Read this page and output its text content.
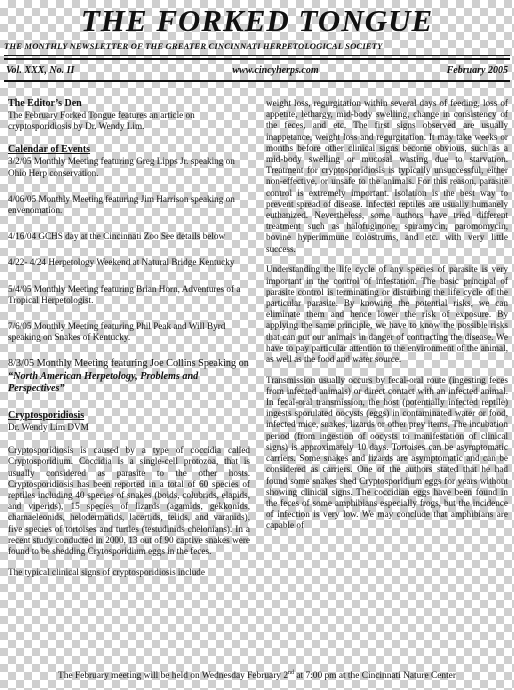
THE FORKED TONGUE
THE MONTHLY NEWSLETTER OF THE GREATER CINCINNATI HERPETOLOGICAL SOCIETY
Vol. XXX, No. II	www.cincyherps.com	February 2005
The Editor’s Den

The February Forked Tongue features an article on cryptosporidiosis by Dr. Wendy Lim.

Calendar of Events
3/2/05 Monthly Meeting featuring Greg Lipps Jr. speaking on Ohio Herp conservation.
4/06/05 Monthly Meeting featuring Jim Harrison speaking on envenomation.
4/16/04 GCHS day at the Cincinnati Zoo See details below
4/22- 4/24 Herpetology Weekend at Natural Bridge Kentucky
5/4/05 Monthly Meeting featuring Brian Horn, Adventures of a Tropical Herpetologist.
7/6/05 Monthly Meeting featuring Phil Peak and Will Byrd speaking on Snakes of Kentucky.
8/3/05 Monthly Meeting featuring Joe Collins Speaking on “North American Herpetology, Problems and Perspectives”
Cryptosporidiosis

Dr. Wendy Lim DVM

Cryptosporidiosis is caused by a type of coccidia called Cryptosporidium. Coccidia is a single-cell protozoa, that is usually considered as parasite to the other hosts. Cryptosporidiosis has been reported in a total of 60 species of reptiles including 40 species of snakes (boids, colubrids, elapids, and viperids), 15 species of lizards (agamids, gekkonids, chamaeleonids, helodermatids, lacertids, teiids, and varanids), five species of tortoises and turtles (testudinids chelonians). In a recent study conducted in 2000, 13 out of 90 captive snakes were found to be shedding Crytosporidium eggs in the feces.

The typical clinical signs of cryptosporidiosis include

weight loss, regurgitation within several days of feeding, loss of appetite, lethargy, mid-body swelling, change in consistency of the feces, and etc. The first signs observed are usually inappetance, weight loss and regurgitation. It may take weeks or months before other clinical signs become obvious, such as a mid-body swelling or mucosal wasting due to starvation. Treatment for cryptosporidiosis is typically unsuccessful, either non-effective, or unsafe to the animals. For this reason, parasite control is extremely important. Isolation is the best way to prevent spread of disease. Infected reptiles are usually humanely euthanized. Nevertheless, some authors have tried different treatment such as halofuginone, spiramycin, paromomycin, bovine hyperimmune colostrums, and etc. with very little success.

Understanding the life cycle of any species of parasite is very important in the control of infestation. The basic principal of parasite control is terminating or disturbing the life cycle of the particular parasite. By knowing the potential risks, we can eliminate them and hence lower the risk of exposure. By applying the same principle, we have to know the possible risks that can put our animals in danger of contracting the disease. We have to pay particular attention to the environment of the animal, as well as the food and water source.

Transmission usually occurs by fecal-oral route (ingesting feces from infected animals) or direct contact with an infected animal. In fecal-oral transmission, the host (potentially infected reptile) ingests sporulated oocysts (eggs) in contaminated water or food, infected mice, snakes, lizards or other prey items. The incubation period (from ingestion of oocysts to manifestation of clinical signs) is approximately 10 days. Tortoises can be asymptomatic carriers. Some snakes and lizards are asymptomatic and can be considered as carriers. One of the authors stated that he had found some snakes shed Cryptosporidium eggs for years without showing clinical signs. The coccidian eggs have been found in the feces of some amphibians especially frogs, but the incidence of infection is very low. We may conclude that amphibians are capable of

The February meeting will be held on Wednesday February 2nd at 7:00 pm at the Cincinnati Nature Center
